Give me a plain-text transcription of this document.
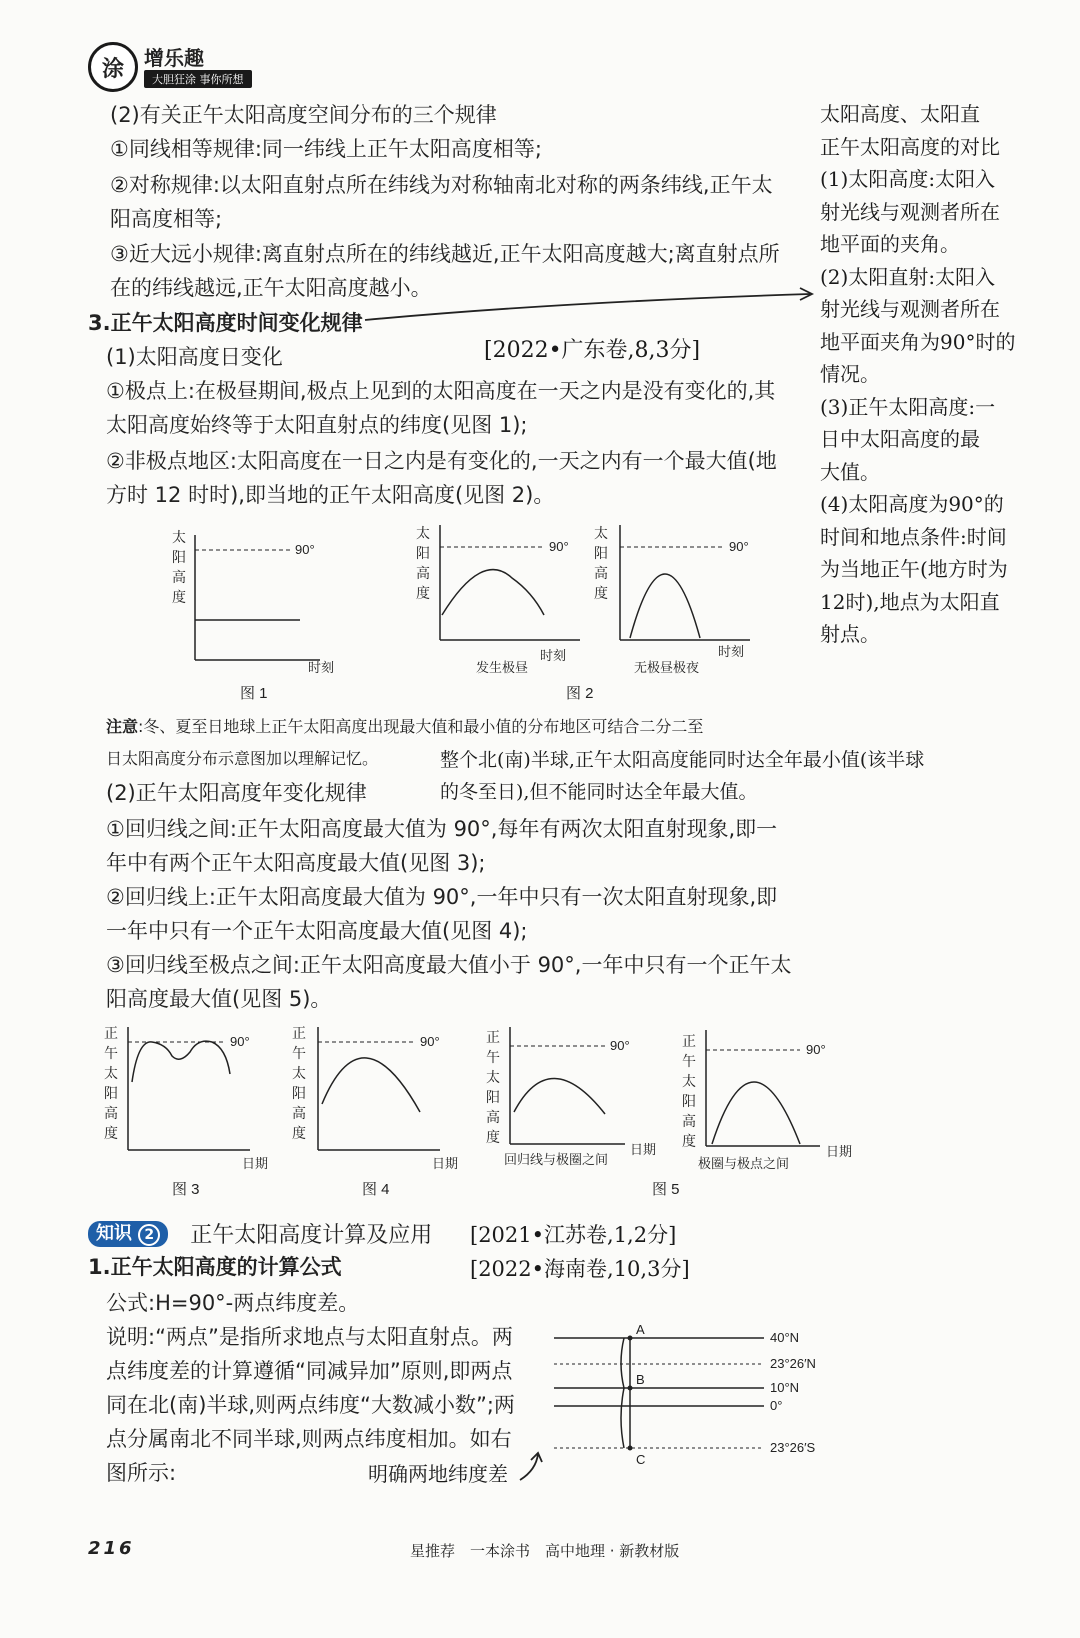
涂 增乐趣
大胆狂涂 事你所想
(2)有关正午太阳高度空间分布的三个规律
①同线相等规律:同一纬线上正午太阳高度相等;
②对称规律:以太阳直射点所在纬线为对称轴南北对称的两条纬线,正午太
阳高度相等;
③近大远小规律:离直射点所在的纬线越近,正午太阳高度越大;离直射点所
在的纬线越远,正午太阳高度越小。
3.正午太阳高度时间变化规律
(1)太阳高度日变化	[2022•广东卷,8,3分]
①极点上:在极昼期间,极点上见到的太阳高度在一天之内是没有变化的,其
太阳高度始终等于太阳直射点的纬度(见图 1);
②非极点地区:太阳高度在一日之内是有变化的,一天之内有一个最大值(地
方时 12 时时),即当地的正午太阳高度(见图 2)。
太阳高度、太阳直
正午太阳高度的对比
(1)太阳高度:太阳入
射光线与观测者所在
地平面的夹角。
(2)太阳直射:太阳入
射光线与观测者所在
地平面夹角为90°时的
情况。
(3)正午太阳高度:一
日中太阳高度的最
大值。
(4)太阳高度为90°的
时间和地点条件:时间
为当地正午(地方时为
12时),地点为太阳直
射点。
太
阳
高
度
90°
时刻
太
阳
高
度
90°
时刻
发生极昼
太
阳
高
度
90°
时刻
无极昼极夜
图 1	图 2
注意:冬、夏至日地球上正午太阳高度出现最大值和最小值的分布地区可结合二分二至
日太阳高度分布示意图加以理解记忆。	整个北(南)半球,正午太阳高度能同时达全年最小值(该半球
的冬至日),但不能同时达全年最大值。
(2)正午太阳高度年变化规律
①回归线之间:正午太阳高度最大值为 90°,每年有两次太阳直射现象,即一
年中有两个正午太阳高度最大值(见图 3);
②回归线上:正午太阳高度最大值为 90°,一年中只有一次太阳直射现象,即
一年中只有一个正午太阳高度最大值(见图 4);
③回归线至极点之间:正午太阳高度最大值小于 90°,一年中只有一个正午太
阳高度最大值(见图 5)。
正
午
太
阳
高
度
90°
日期
图 3
正
午
太
阳
高
度
90°
日期
图 4
正
午
太
阳
高
度
90°
日期
回归线与极圈之间
正
午
太
阳
高
度
90°
日期
极圈与极点之间
图 5
知识 2	正午太阳高度计算及应用 [2021•江苏卷,1,2分]
[2022•海南卷,10,3分]
1.正午太阳高度的计算公式
公式:H=90°-两点纬度差。
说明:“两点”是指所求地点与太阳直射点。两
点纬度差的计算遵循“同减异加”原则,即两点
同在北(南)半球,则两点纬度“大数减小数”;两
点分属南北不同半球,则两点纬度相加。如右
图所示:	明确两地纬度差
A
B
C
40°N
23°26′N
10°N
0°
23°26′S
216	星推荐　一本涂书　高中地理 · 新教材版
